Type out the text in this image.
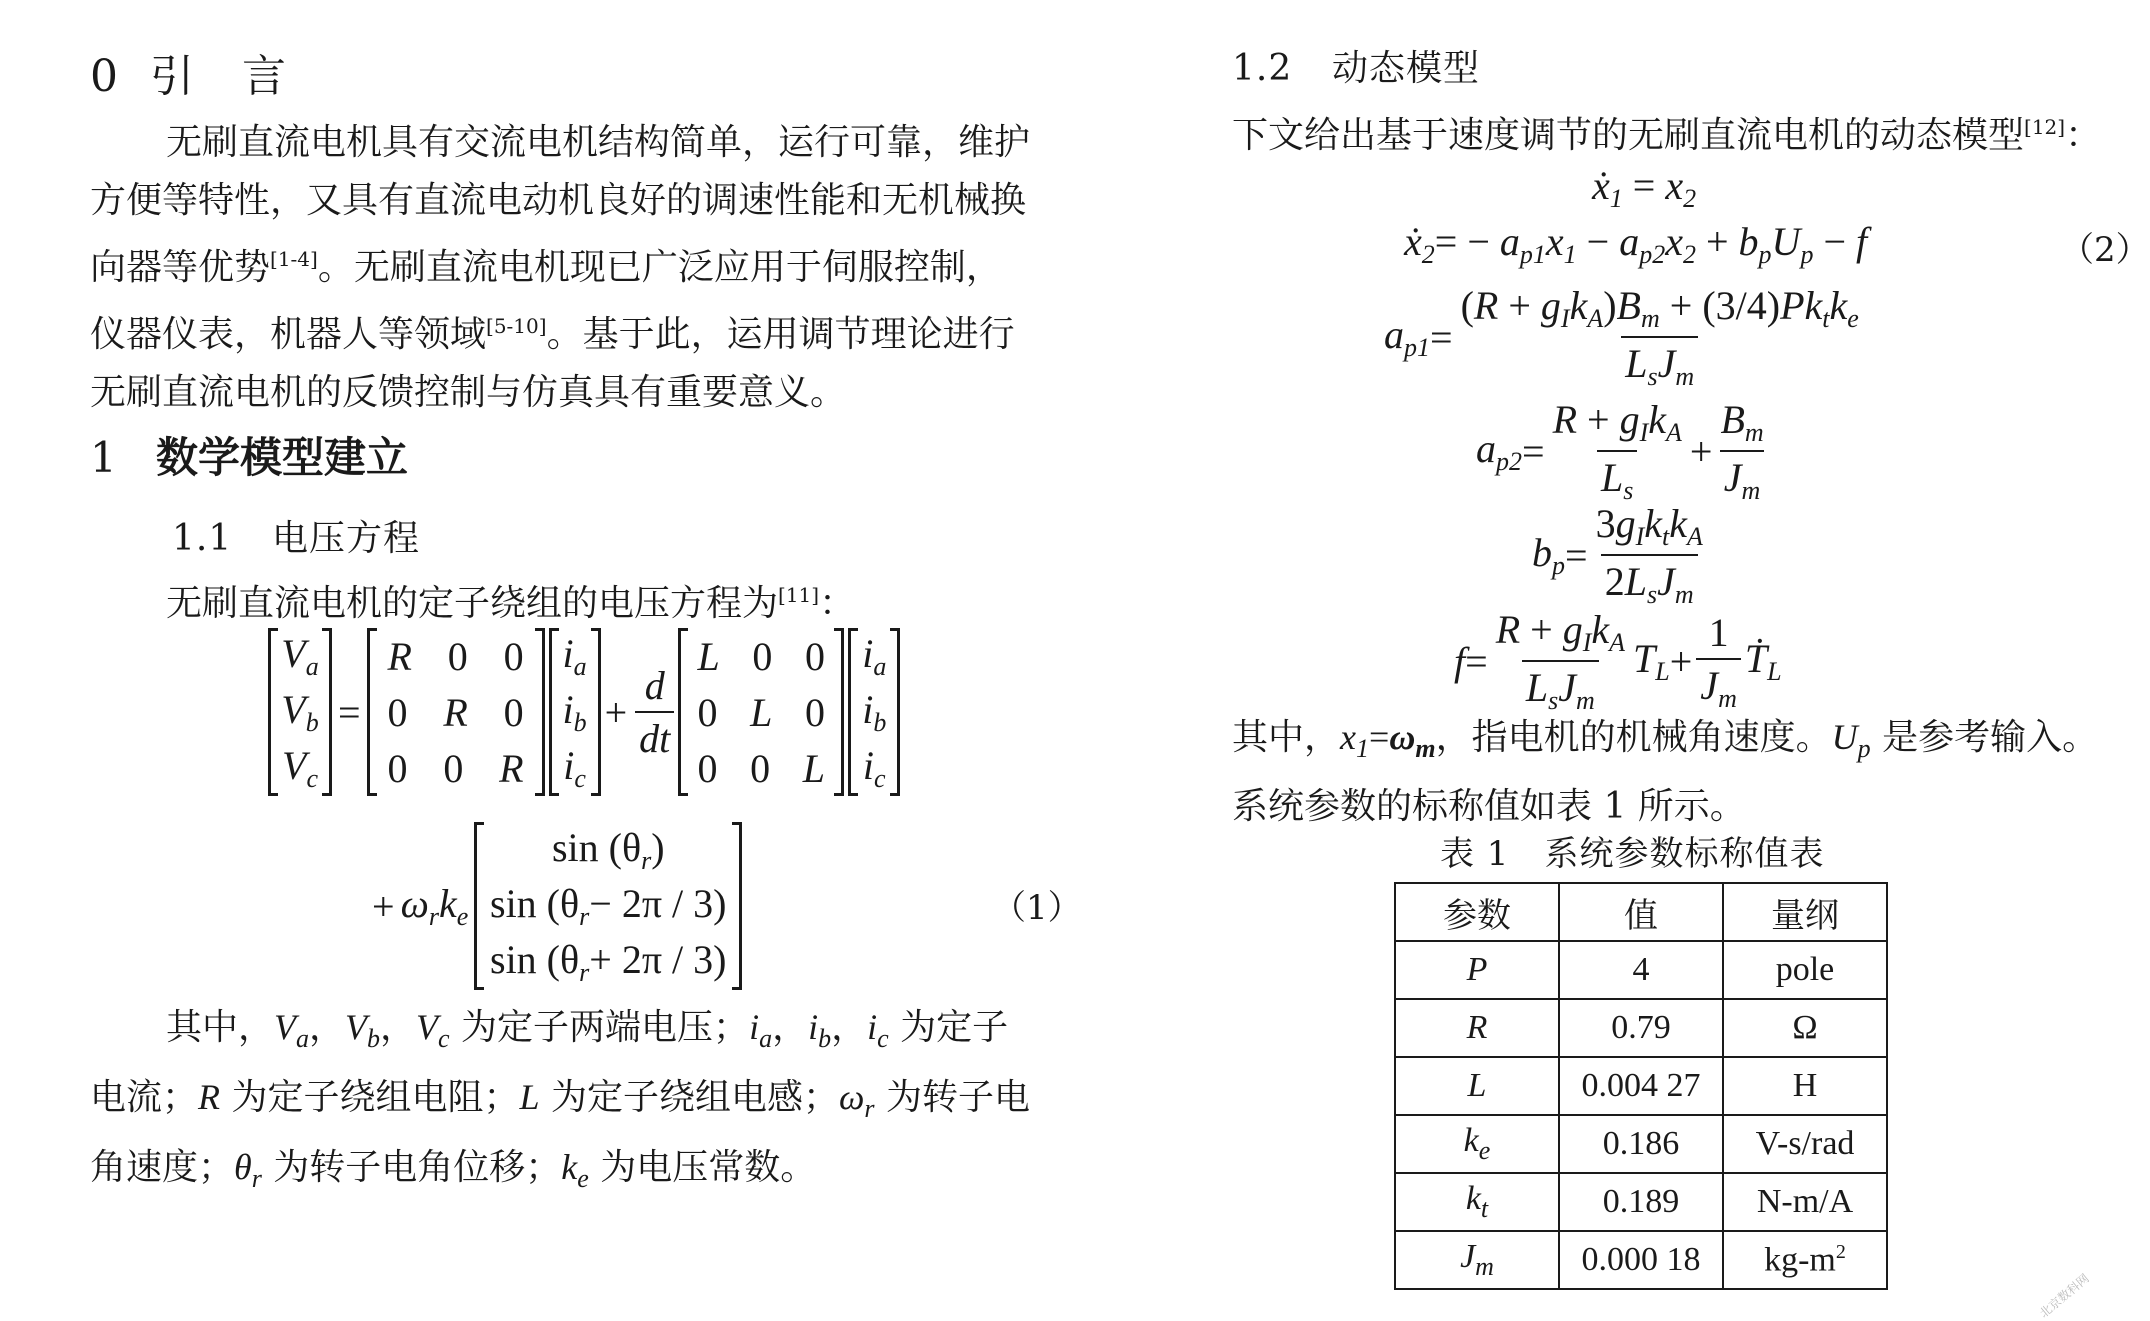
0 引　言
无刷直流电机具有交流电机结构简单，运行可靠，维护
方便等特性，又具有直流电动机良好的调速性能和无机械换
向器等优势[1-4]。无刷直流电机现已广泛应用于伺服控制，
仪器仪表，机器人等领域[5-10]。基于此，运用调节理论进行
无刷直流电机的反馈控制与仿真具有重要意义。
1 数学模型建立
1.1 电压方程
无刷直流电机的定子绕组的电压方程为[11]：
$V_a$
$V_b$
$V_c$
=
R 0 0
0 R 0
0 0 R
$i_a$
$i_b$
$i_c$
+ $\frac{d}{dt}$
L 0 0
0 L 0
0 0 L
$i_a$
$i_b$
$i_c$
+ $\omega_rk_e$
$\sin (\theta_r)$
$\sin (\theta_r- 2\pi / 3)$
$\sin (\theta_r+ 2\pi / 3)$
（1）
其中，$V_a$，$V_b$，$V_c$ 为定子两端电压；$i_a$，$i_b$，$i_c$ 为定子
电流；R 为定子绕组电阻；L 为定子绕组电感；$\omega_r$ 为转子电
角速度；$\theta_r$ 为转子电角位移；$k_e$ 为电压常数。
1.2 动态模型
下文给出基于速度调节的无刷直流电机的动态模型[12]：
$ẋ_1 = x_2$
$ẋ_2= - a_{p1}x_1 - a_{p2}x_2 + b_pU_p - f$	（2）
$a_{p1} = \frac{(R + g_Ik_A)B_m + (3/4)Pk_tk_e}{L_sJ_m}$
$a_{p2} = \frac{R + g_Ik_A}{L_s} + \frac{B_m}{J_m}$
$b_p = \frac{3g_Ik_tk_A}{2L_sJ_m}$
$f = \frac{R + g_Ik_A}{L_sJ_m} T_L + \frac{1}{J_m}$ $Ṫ_L$
其中，$x_1=\omega_m$，指电机的机械角速度。$U_p$ 是参考输入。
系统参数的标称值如表 1 所示。
表 1　系统参数标称值表
参数	值	量纲
P	4	pole
R	0.79	Ω
L	0.004 27	H
$k_e$	0.186	V-s/rad
$k_t$	0.189	N-m/A
$J_m$	0.000 18	$kg-m^2$
北京数科网
